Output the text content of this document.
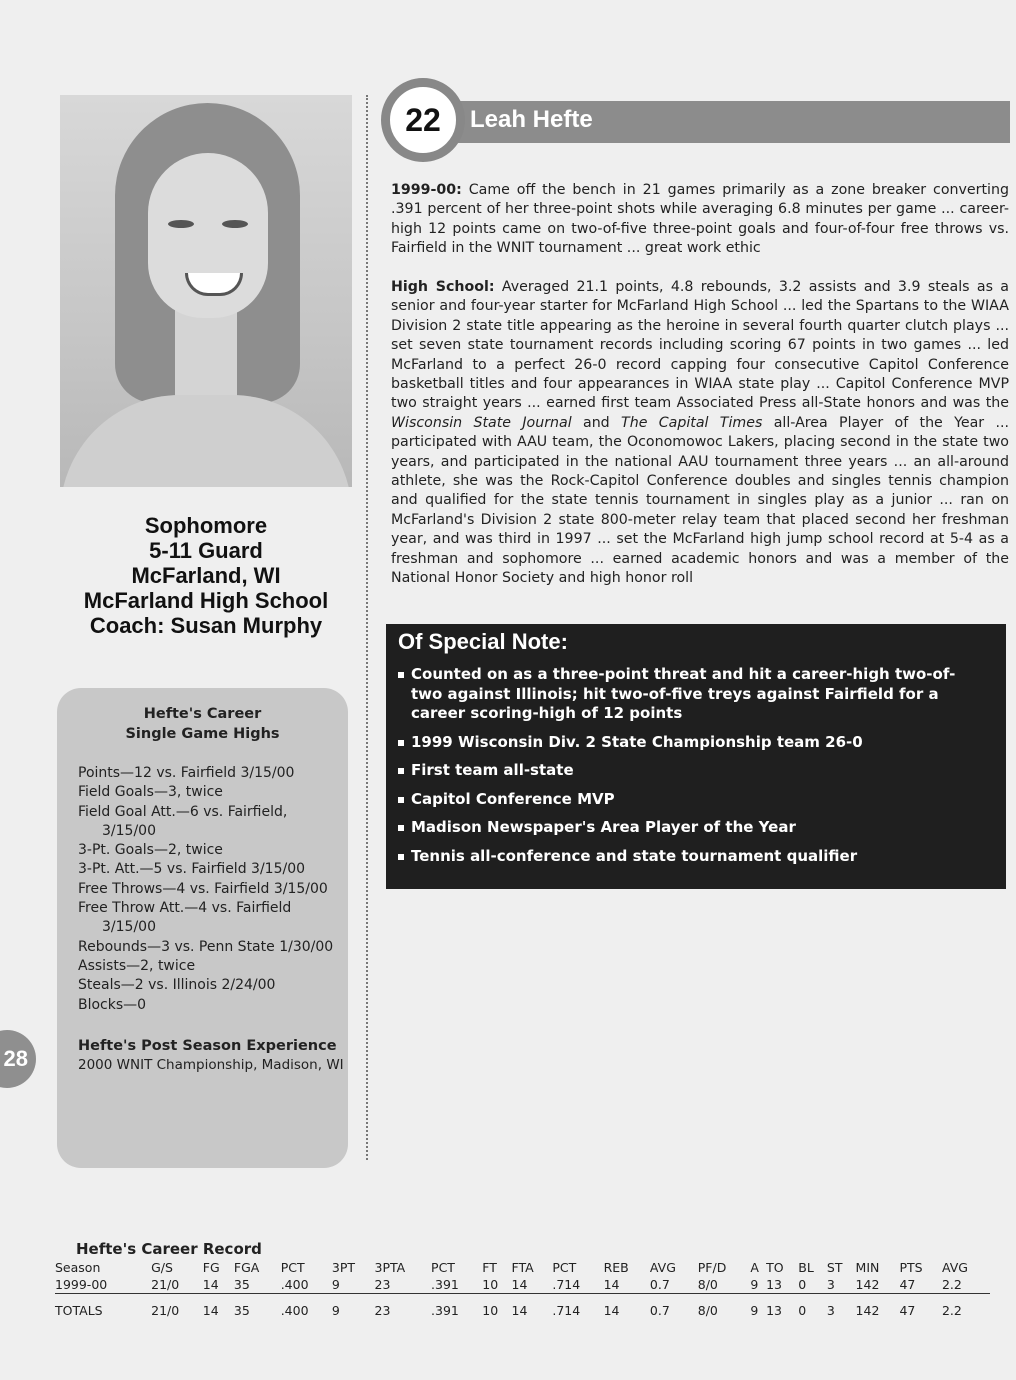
Sophomore
5-11 Guard
McFarland, WI
McFarland High School
Coach: Susan Murphy
Hefte's Career
Single Game Highs
Points—12 vs. Fairfield 3/15/00
Field Goals—3, twice
Field Goal Att.—6 vs. Fairfield, 3/15/00
3-Pt. Goals—2, twice
3-Pt. Att.—5 vs. Fairfield 3/15/00
Free Throws—4 vs. Fairfield 3/15/00
Free Throw Att.—4 vs. Fairfield 3/15/00
Rebounds—3 vs. Penn State 1/30/00
Assists—2, twice
Steals—2 vs. Illinois 2/24/00
Blocks—0
Hefte's Post Season Experience
2000 WNIT Championship, Madison, WI
Leah Hefte
22
1999-00: Came off the bench in 21 games primarily as a zone breaker converting .391 percent of her three-point shots while averaging 6.8 minutes per game ... career-high 12 points came on two-of-five three-point goals and four-of-four free throws vs. Fairfield in the WNIT tournament ... great work ethic
High School: Averaged 21.1 points, 4.8 rebounds, 3.2 assists and 3.9 steals as a senior and four-year starter for McFarland High School ... led the Spartans to the WIAA Division 2 state title appearing as the heroine in several fourth quarter clutch plays ... set seven state tournament records including scoring 67 points in two games ... led McFarland to a perfect 26-0 record capping four consecutive Capitol Conference basketball titles and four appearances in WIAA state play ... Capitol Conference MVP two straight years ... earned first team Associated Press all-State honors and was the Wisconsin State Journal and The Capital Times all-Area Player of the Year ... participated with AAU team, the Oconomowoc Lakers, placing second in the state two years, and participated in the national AAU tournament three years ... an all-around athlete, she was the Rock-Capitol Conference doubles and singles tennis champion and qualified for the state tennis tournament in singles play as a junior ... ran on McFarland's Division 2 state 800-meter relay team that placed second her freshman year, and was third in 1997 ... set the McFarland high jump school record at 5-4 as a freshman and sophomore ... earned academic honors and was a member of the National Honor Society and high honor roll
Of Special Note:
Counted on as a three-point threat and hit a career-high two-of-two against Illinois; hit two-of-five treys against Fairfield for a career scoring-high of 12 points
1999 Wisconsin Div. 2 State Championship team 26-0
First team all-state
Capitol Conference MVP
Madison Newspaper's Area Player of the Year
Tennis all-conference and state tournament qualifier
28
Hefte's Career Record
Season	G/S	FG	FGA	PCT	3PT	3PTA	PCT	FT	FTA	PCT	REB	AVG	PF/D	A	TO	BL	ST	MIN	PTS	AVG
1999-00	21/0	14	35	.400	9	23	.391	10	14	.714	14	0.7	8/0	9	13	0	3	142	47	2.2
TOTALS	21/0	14	35	.400	9	23	.391	10	14	.714	14	0.7	8/0	9	13	0	3	142	47	2.2
